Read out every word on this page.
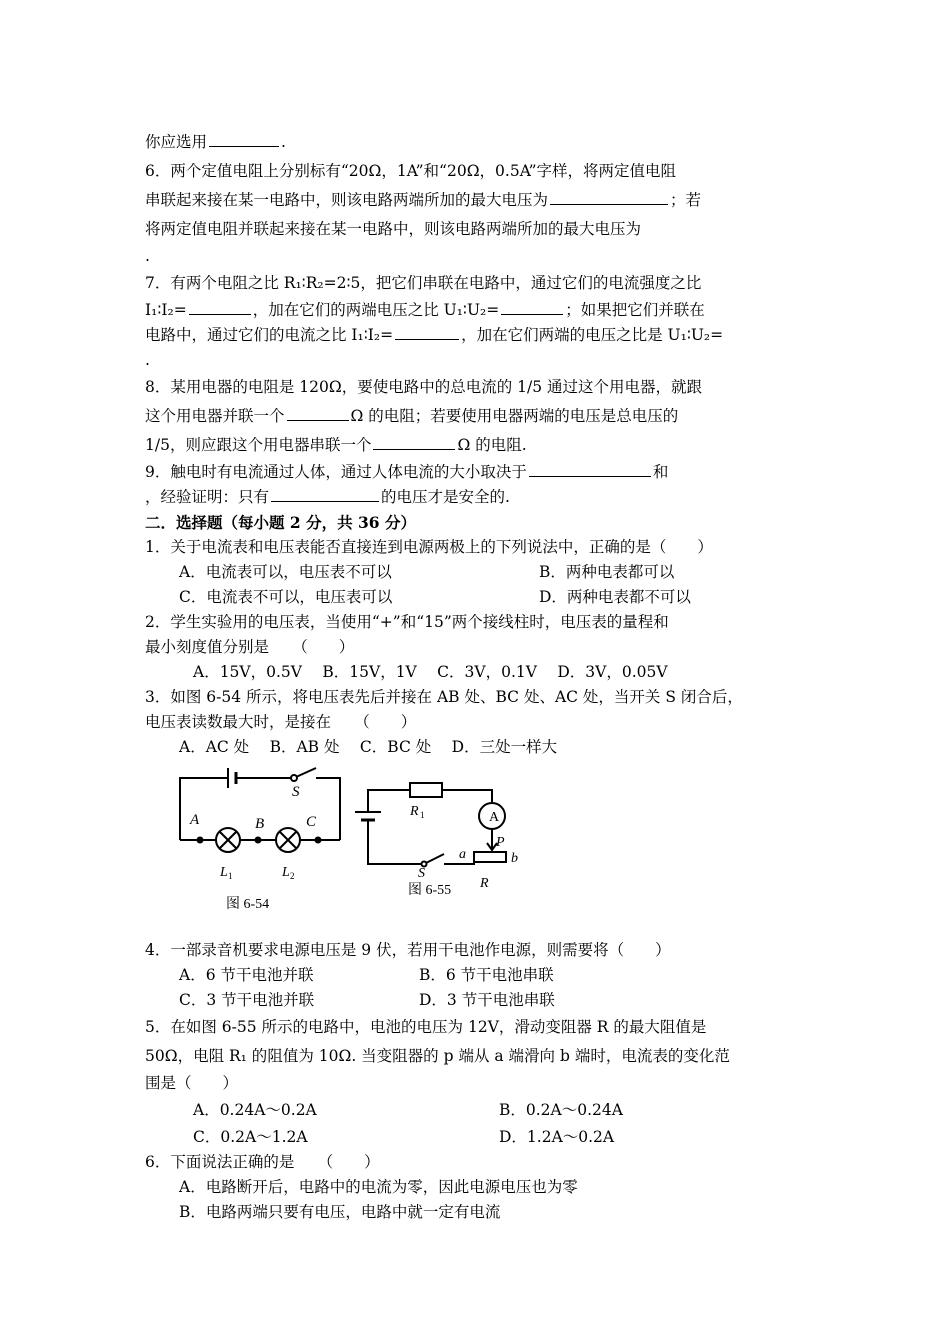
你应选用	.
6．两个定值电阻上分别标有“20Ω，1A”和“20Ω，0.5A”字样，将两定值电阻
串联起来接在某一电路中，则该电路两端所加的最大电压为	；若
将两定值电阻并联起来接在某一电路中，则该电路两端所加的最大电压为
.
7．有两个电阻之比 R₁∶R₂=2∶5，把它们串联在电路中，通过它们的电流强度之比
I₁∶I₂=	，加在它们的两端电压之比 U₁∶U₂=	；如果把它们并联在
电路中，通过它们的电流之比 I₁∶I₂=	，加在它们两端的电压之比是 U₁∶U₂=
.
8．某用电器的电阻是 120Ω，要使电路中的总电流的 1/5 通过这个用电器，就跟
这个用电器并联一个	Ω 的电阻；若要使用电器两端的电压是总电压的
1/5，则应跟这个用电器串联一个	Ω 的电阻.
9．触电时有电流通过人体，通过人体电流的大小取决于	和
，经验证明：只有	的电压才是安全的.
二．选择题（每小题 2 分，共 36 分）
1．关于电流表和电压表能否直接连到电源两极上的下列说法中，正确的是（　　）
A．电流表可以，电压表不可以	B．两种电表都可以
C．电流表不可以，电压表可以	D．两种电表都不可以
2．学生实验用的电压表，当使用“+”和“15”两个接线柱时，电压表的量程和
最小刻度值分别是　　（　　）
A．15V，0.5V　 B．15V，1V　 C．3V，0.1V　 D．3V，0.05V
3．如图 6-54 所示，将电压表先后并接在 AB 处、BC 处、AC 处，当开关 S 闭合后，
电压表读数最大时，是接在　　（　　）
A．AC 处　 B．AB 处　 C．BC 处　 D．三处一样大
4．一部录音机要求电源电压是 9 伏，若用干电池作电源，则需要将（　　）
A．6 节干电池并联	B．6 节干电池串联
C．3 节干电池并联	D．3 节干电池串联
5．在如图 6-55 所示的电路中，电池的电压为 12V，滑动变阻器 R 的最大阻值是
50Ω，电阻 R₁ 的阻值为 10Ω. 当变阻器的 p 端从 a 端滑向 b 端时，电流表的变化范
围是（　　）
A．0.24A～0.2A	B．0.2A～0.24A
C．0.2A～1.2A	D．1.2A～0.2A
6．下面说法正确的是　　（　　）
A．电路断开后，电路中的电流为零，因此电源电压也为零
B．电路两端只要有电压，电路中就一定有电流
A	B	C
S
L 1	L 2
图 6-54
A
R 1
P
a	b
R
S
图 6-55
